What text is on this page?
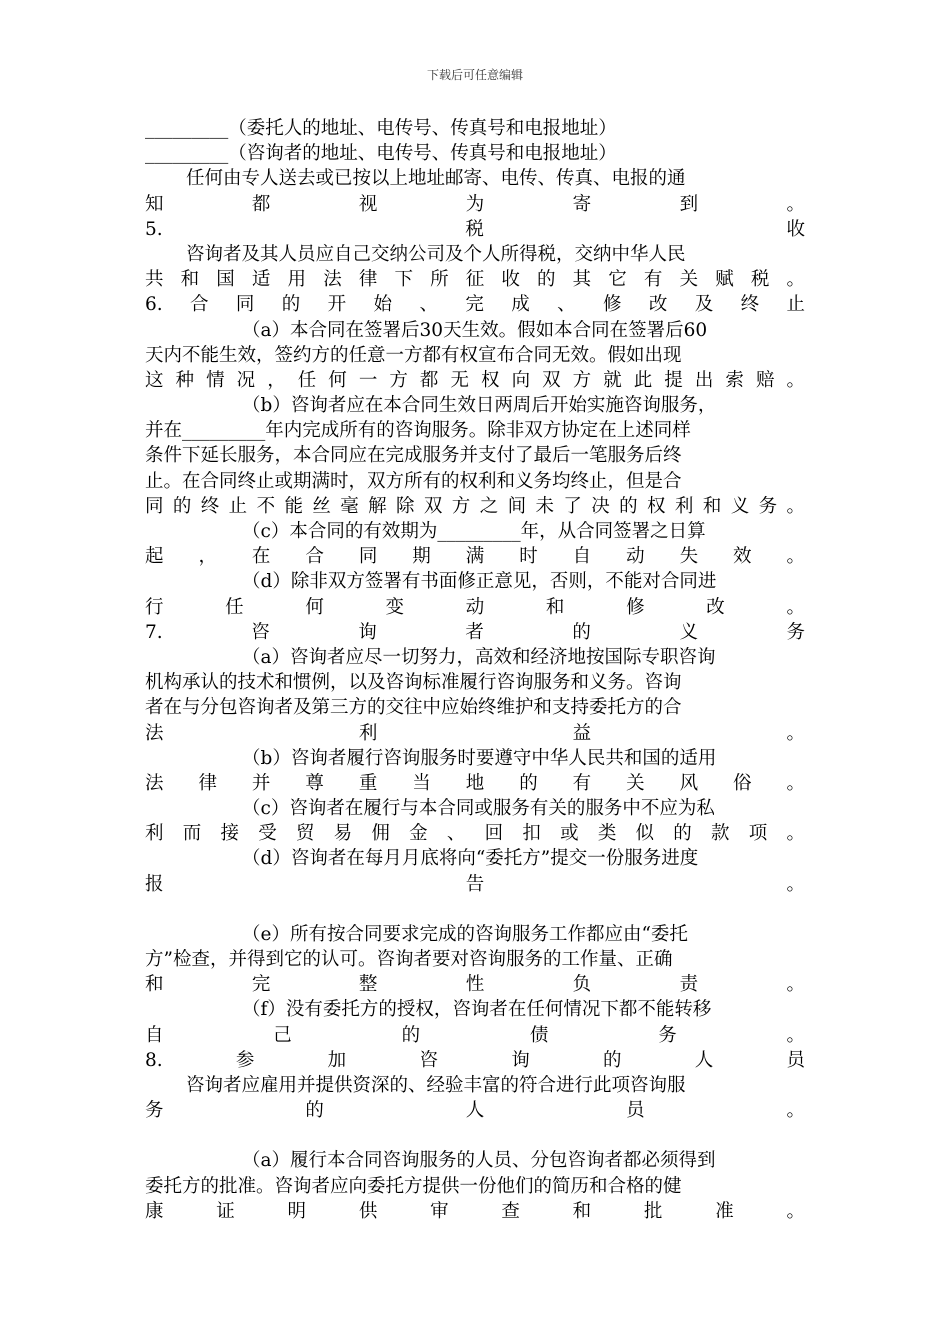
下载后可任意编辑
_________（委托人的地址、电传号、传真号和电报地址）
_________（咨询者的地址、电传号、传真号和电报地址）
任何由专人送去或已按以上地址邮寄、电传、传真、电报的通
知都视为寄到。
5.税收
咨询者及其人员应自己交纳公司及个人所得税，交纳中华人民
共和国适用法律下所征收的其它有关赋税。
6.合同的开始、完成、修改及终止
（a）本合同在签署后30天生效。假如本合同在签署后60
天内不能生效，签约方的任意一方都有权宣布合同无效。假如出现
这种情况，任何一方都无权向双方就此提出索赔。
（b）咨询者应在本合同生效日两周后开始实施咨询服务，
并在_________年内完成所有的咨询服务。除非双方协定在上述同样
条件下延长服务，本合同应在完成服务并支付了最后一笔服务后终
止。在合同终止或期满时，双方所有的权利和义务均终止，但是合
同的终止不能丝毫解除双方之间未了决的权利和义务。
（c）本合同的有效期为_________年，从合同签署之日算
起，在合同期满时自动失效。
（d）除非双方签署有书面修正意见，否则，不能对合同进
行任何变动和修改。
7.咨询者的义务
（a）咨询者应尽一切努力，高效和经济地按国际专职咨询
机构承认的技术和惯例，以及咨询标准履行咨询服务和义务。咨询
者在与分包咨询者及第三方的交往中应始终维护和支持委托方的合
法利益。
（b）咨询者履行咨询服务时要遵守中华人民共和国的适用
法律并尊重当地的有关风俗。
（c）咨询者在履行与本合同或服务有关的服务中不应为私
利而接受贸易佣金、回扣或类似的款项。
（d）咨询者在每月月底将向“委托方”提交一份服务进度
报告。
（e）所有按合同要求完成的咨询服务工作都应由“委托
方”检查，并得到它的认可。咨询者要对咨询服务的工作量、正确
和完整性负责。
（f）没有委托方的授权，咨询者在任何情况下都不能转移
自己的债务。
8.参加咨询的人员
咨询者应雇用并提供资深的、经验丰富的符合进行此项咨询服
务的人员。
（a）履行本合同咨询服务的人员、分包咨询者都必须得到
委托方的批准。咨询者应向委托方提供一份他们的简历和合格的健
康证明供审查和批准。
